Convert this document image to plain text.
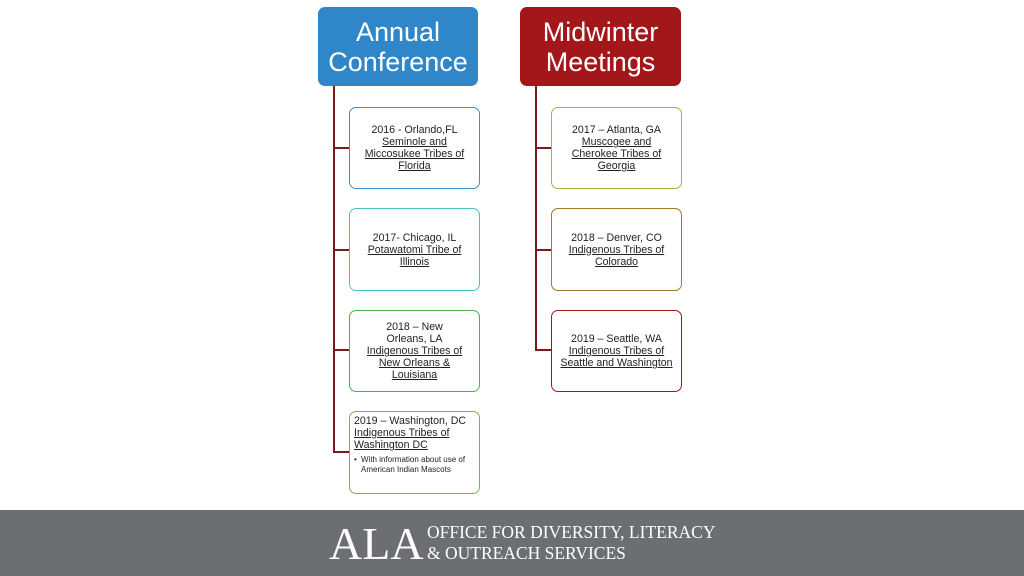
Annual
Conference
Midwinter
Meetings
2016 - Orlando,FL
Seminole and
Miccosukee Tribes of
Florida
2017- Chicago, IL
Potawatomi Tribe of
Illinois
2018 – New Orleans, LA
Indigenous Tribes of
New Orleans &
Louisiana
2019 – Washington, DC
Indigenous Tribes of
Washington DC
• With information about use of American Indian Mascots
2017 – Atlanta, GA
Muscogee and
Cherokee Tribes of
Georgia
2018 – Denver, CO
Indigenous Tribes of
Colorado
2019 – Seattle, WA
Indigenous Tribes of
Seattle and Washington
ALA OFFICE FOR DIVERSITY, LITERACY
& OUTREACH SERVICES
